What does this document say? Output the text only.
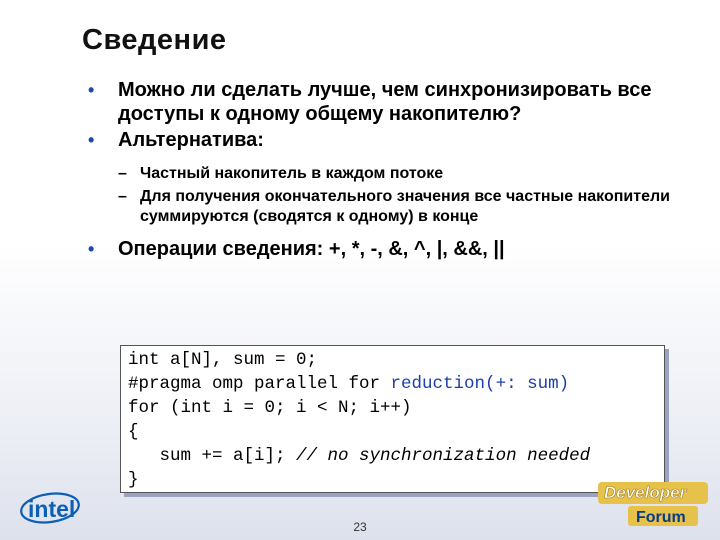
Сведение
• Можно ли сделать лучше, чем синхронизировать все доступы к одному общему накопителю?
• Альтернатива:
– Частный накопитель в каждом потоке
– Для получения окончательного значения все частные накопители суммируются (сводятся к одному) в конце
• Операции сведения: +, *, -, &, ^, |, &&, ||
int a[N], sum = 0;
#pragma omp parallel for reduction(+: sum)
for (int i = 0; i < N; i++)
{
sum += a[i]; // no synchronization needed
}
intel
Developer
Forum
23
